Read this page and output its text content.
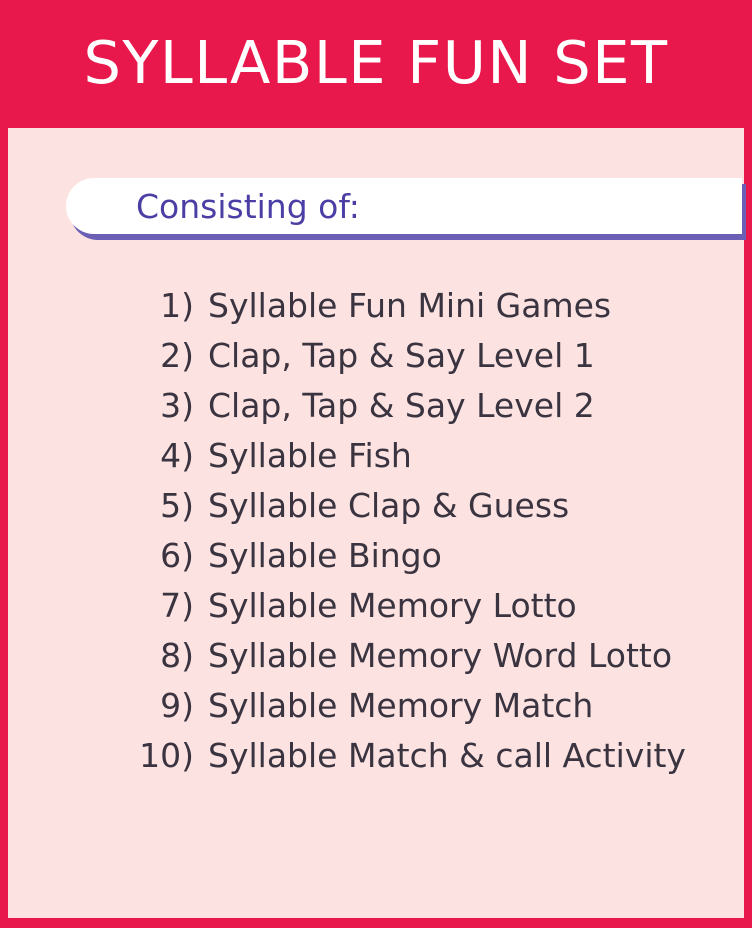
SYLLABLE FUN SET
Consisting of:
1) Syllable Fun Mini Games
2) Clap, Tap & Say Level 1
3) Clap, Tap & Say Level 2
4) Syllable Fish
5) Syllable Clap & Guess
6) Syllable Bingo
7) Syllable Memory Lotto
8) Syllable Memory Word Lotto
9) Syllable Memory Match
10) Syllable Match & call Activity
